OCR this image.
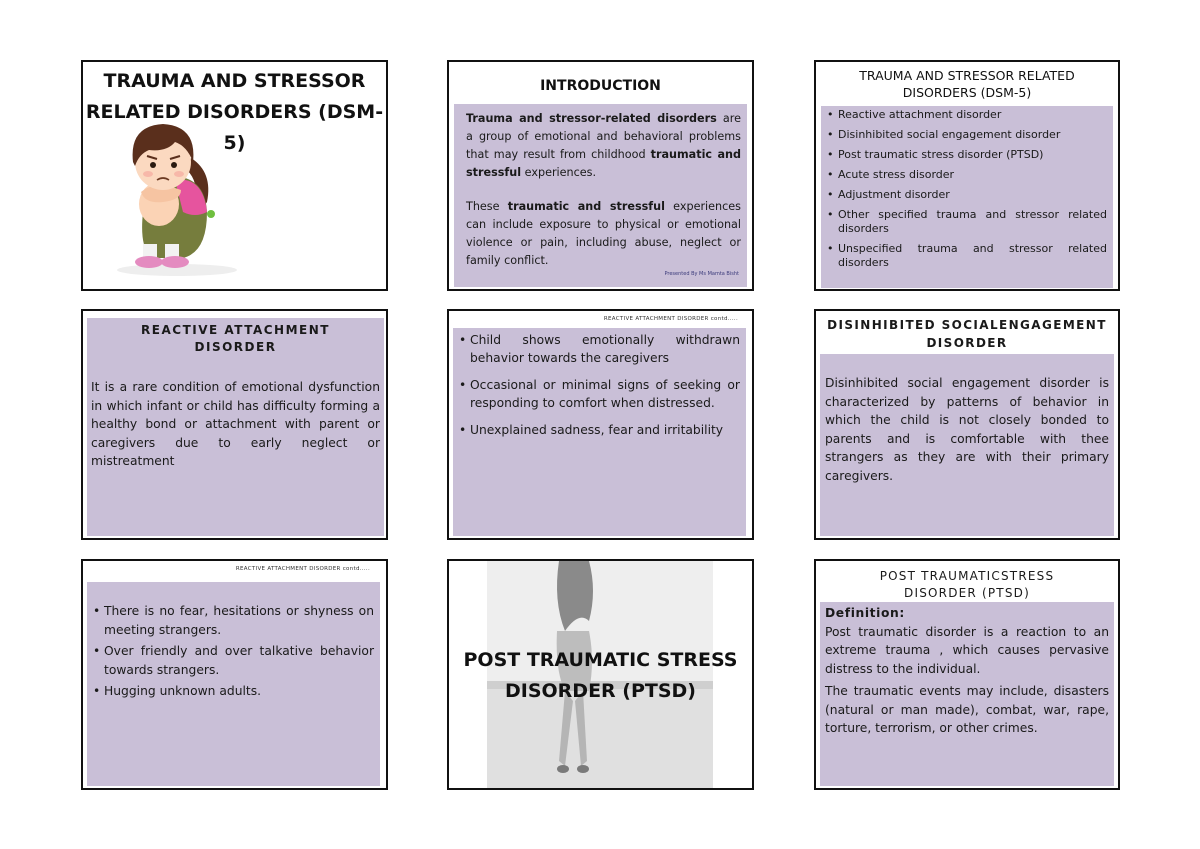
TRAUMA AND STRESSOR RELATED DISORDERS (DSM-5)
INTRODUCTION

Trauma and stressor-related disorders are a group of emotional and behavioral problems that may result from childhood traumatic and stressful experiences.

These traumatic and stressful experiences can include exposure to physical or emotional violence or pain, including abuse, neglect or family conflict.

Presented By Ms Mamta Bisht
TRAUMA AND STRESSOR RELATED DISORDERS (DSM-5)
• Reactive attachment disorder
• Disinhibited social engagement disorder
• Post traumatic stress disorder (PTSD)
• Acute stress disorder
• Adjustment disorder
• Other specified trauma and stressor related disorders
• Unspecified trauma and stressor related disorders
REACTIVE ATTACHMENT DISORDER

It is a rare condition of emotional dysfunction in which infant or child has difficulty forming a healthy bond or attachment with parent or caregivers due to early neglect or mistreatment

REACTIVE ATTACHMENT DISORDER contd.....
• Child shows emotionally withdrawn behavior towards the caregivers
• Occasional or minimal signs of seeking or responding to comfort when distressed.
• Unexplained sadness, fear and irritability
DISINHIBITED SOCIALENGAGEMENT DISORDER

Disinhibited social engagement disorder is characterized by patterns of behavior in which the child is not closely bonded to parents and is comfortable with thee strangers as they are with their primary caregivers.

REACTIVE ATTACHMENT DISORDER contd.....
• There is no fear, hesitations or shyness on meeting strangers.
• Over friendly and over talkative behavior towards strangers.
• Hugging unknown adults.
POST TRAUMATIC STRESS DISORDER (PTSD)
POST TRAUMATICSTRESS DISORDER (PTSD)
Definition:

Post traumatic disorder is a reaction to an extreme trauma , which causes pervasive distress to the individual.

The traumatic events may include, disasters (natural or man made), combat, war, rape, torture, terrorism, or other crimes.
